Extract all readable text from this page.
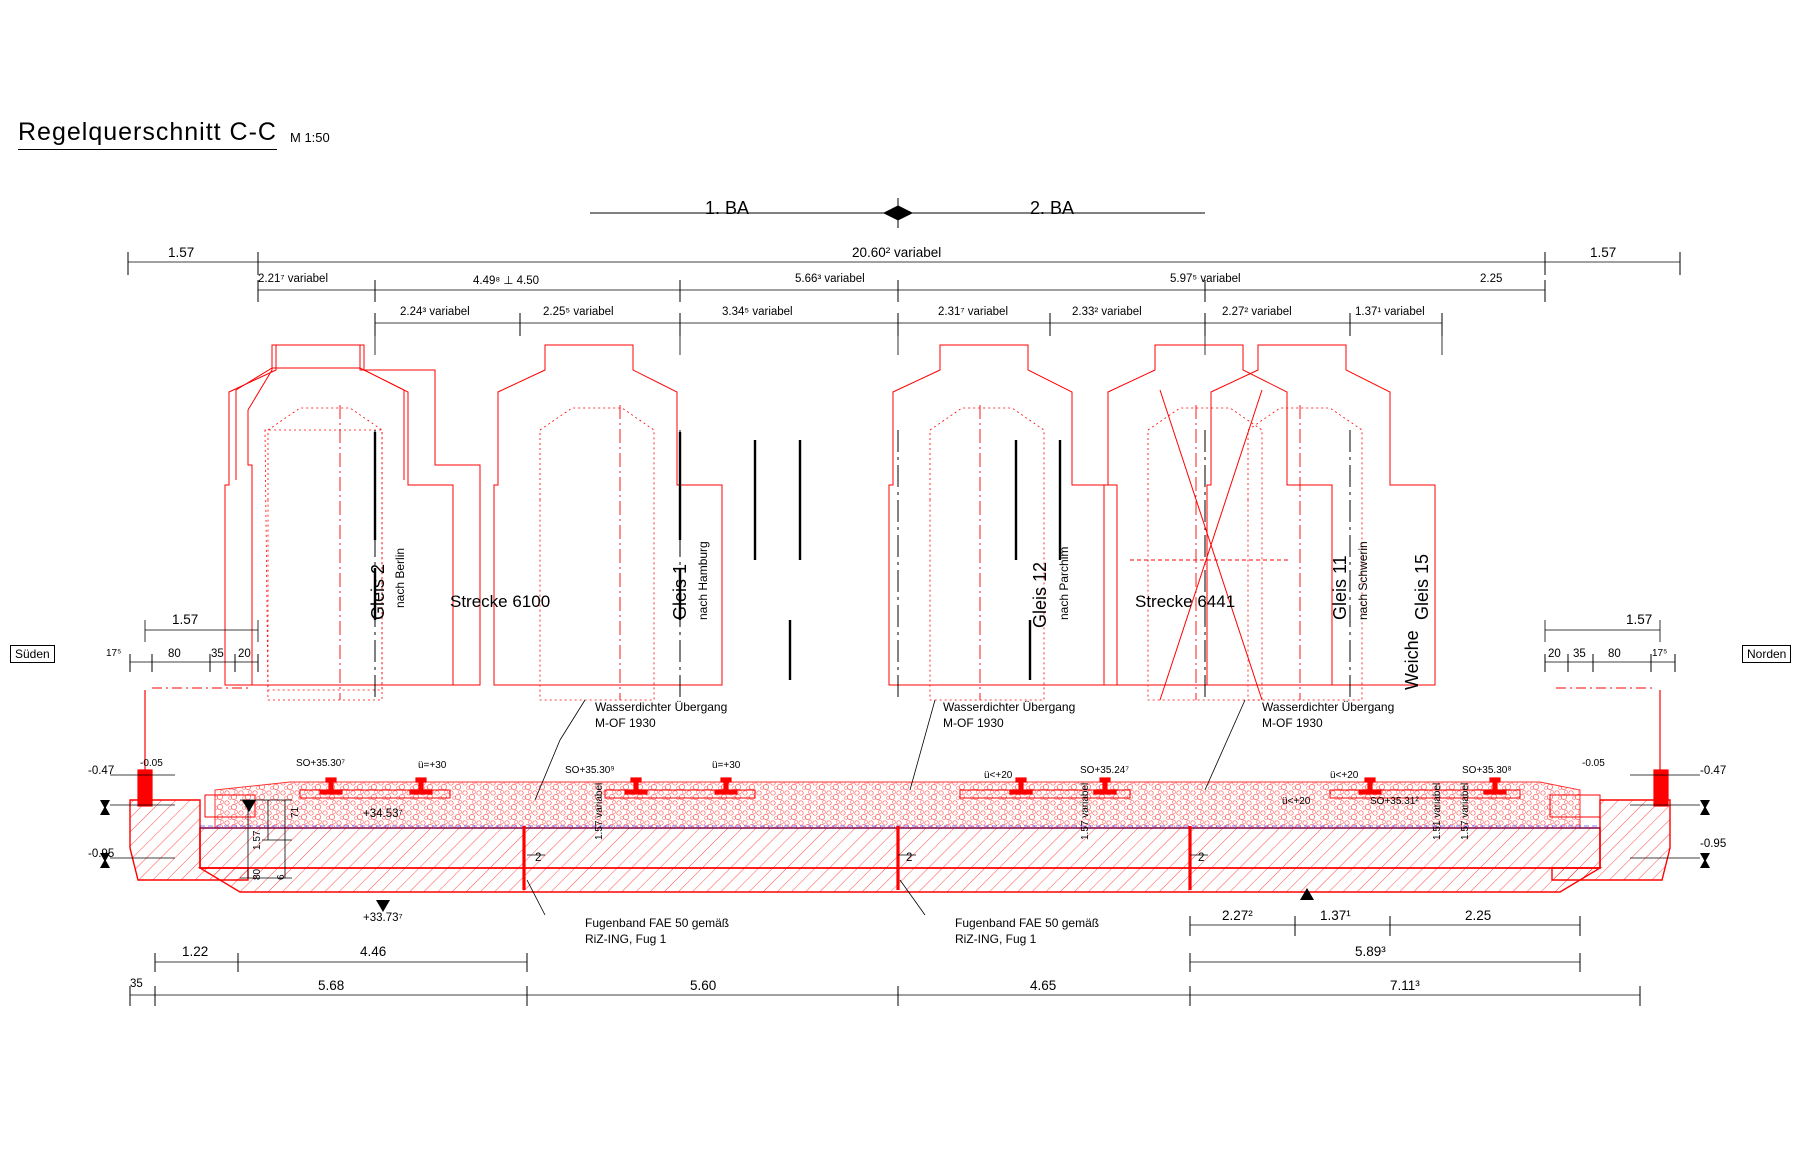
Regelquerschnitt C-C M 1:50
Süden	Norden
1. BA	2. BA
1.57	20.60² variabel	1.57
2.21⁷ variabel	4.49⁸ ⊥ 4.50	5.66³ variabel	5.97⁵ variabel	2.25
2.24³ variabel	2.25⁵ variabel	3.34⁵ variabel	2.31⁷ variabel	2.33² variabel	2.27² variabel	1.37¹ variabel
Gleis 2 nach Berlin	Gleis 1 nach Hamburg	Gleis 12 nach Parchim	Gleis 11 nach Schwerin Gleis 15
Strecke 6100	Strecke 6441
Weiche
Wasserdichter Übergang
M-OF 1930
Wasserdichter Übergang
M-OF 1930
Wasserdichter Übergang
M-OF 1930
Fugenband FAE 50 gemäß
RiZ-ING, Fug 1
Fugenband FAE 50 gemäß
RiZ-ING, Fug 1
SO+35.30⁷	ü=+30	SO+35.30⁹	ü=+30
ü<+20	SO+35.24⁷	ü<+20	SO+35.30⁸
ü<+20	SO+35.31²
+34.53⁷
+33.73⁷
-0.05
-0.47
-0.95
-0.05
-0.47
-0.95
1.57
17⁵	80	35 20
1.57
71
80 6
1.57
20 35 80	17⁵
1.57 variabel	1.57 variabel	1.51 variabel 1.57 variabel
2	2	2
1.22	4.46
2.27²	1.37¹	2.25
5.89³
35	5.68	5.60	4.65	7.11³
